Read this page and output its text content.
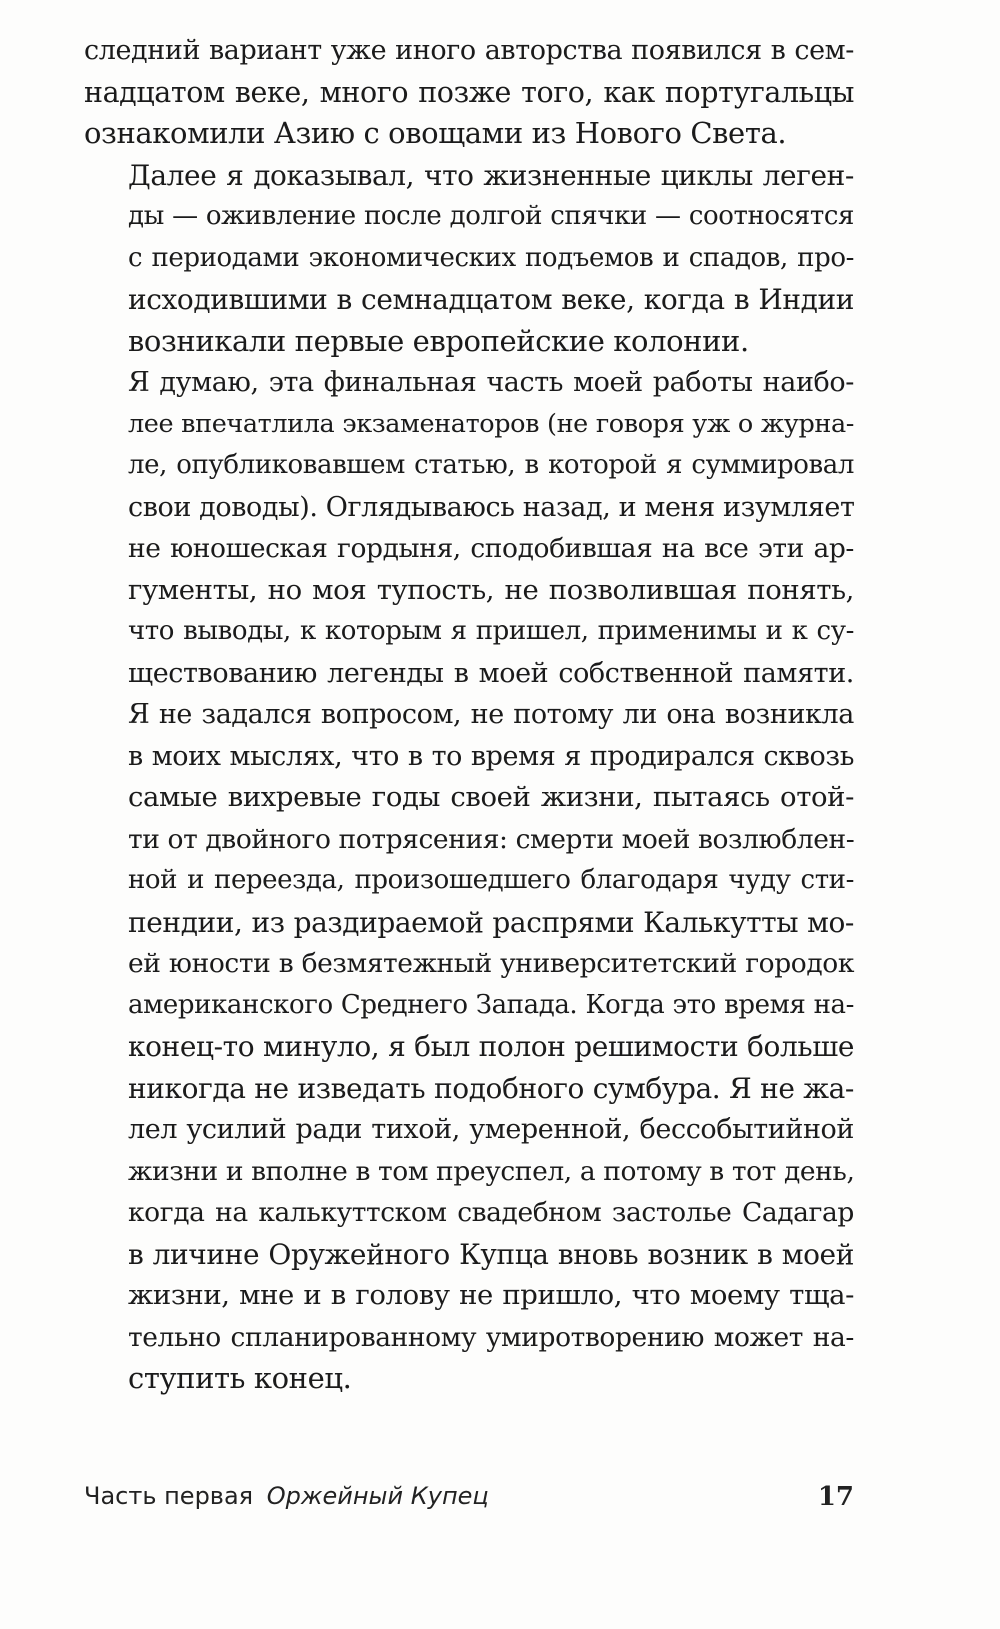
следний вариант уже иного авторства появился в сем-
надцатом веке, много позже того, как португальцы
ознакомили Азию с овощами из Нового Света.
Далее я доказывал, что жизненные циклы леген-
ды — оживление после долгой спячки — соотносятся
с периодами экономических подъемов и спадов, про-
исходившими в семнадцатом веке, когда в Индии
возникали первые европейские колонии.
Я думаю, эта финальная часть моей работы наибо-
лее впечатлила экзаменаторов (не говоря уж о журна-
ле, опубликовавшем статью, в которой я суммировал
свои доводы). Оглядываюсь назад, и меня изумляет
не юношеская гордыня, сподобившая на все эти ар-
гументы, но моя тупость, не позволившая понять,
что выводы, к которым я пришел, применимы и к су-
ществованию легенды в моей собственной памяти.
Я не задался вопросом, не потому ли она возникла
в моих мыслях, что в то время я продирался сквозь
самые вихревые годы своей жизни, пытаясь отой-
ти от двойного потрясения: смерти моей возлюблен-
ной и переезда, произошедшего благодаря чуду сти-
пендии, из раздираемой распрями Калькутты мо-
ей юности в безмятежный университетский городок
американского Среднего Запада. Когда это время на-
конец-то минуло, я был полон решимости больше
никогда не изведать подобного сумбура. Я не жа-
лел усилий ради тихой, умеренной, бессобытийной
жизни и вполне в том преуспел, а потому в тот день,
когда на калькуттском свадебном застолье Садагар
в личине Оружейного Купца вновь возник в моей
жизни, мне и в голову не пришло, что моему тща-
тельно спланированному умиротворению может на-
ступить конец.
Часть первая Оржейный Купец	17
